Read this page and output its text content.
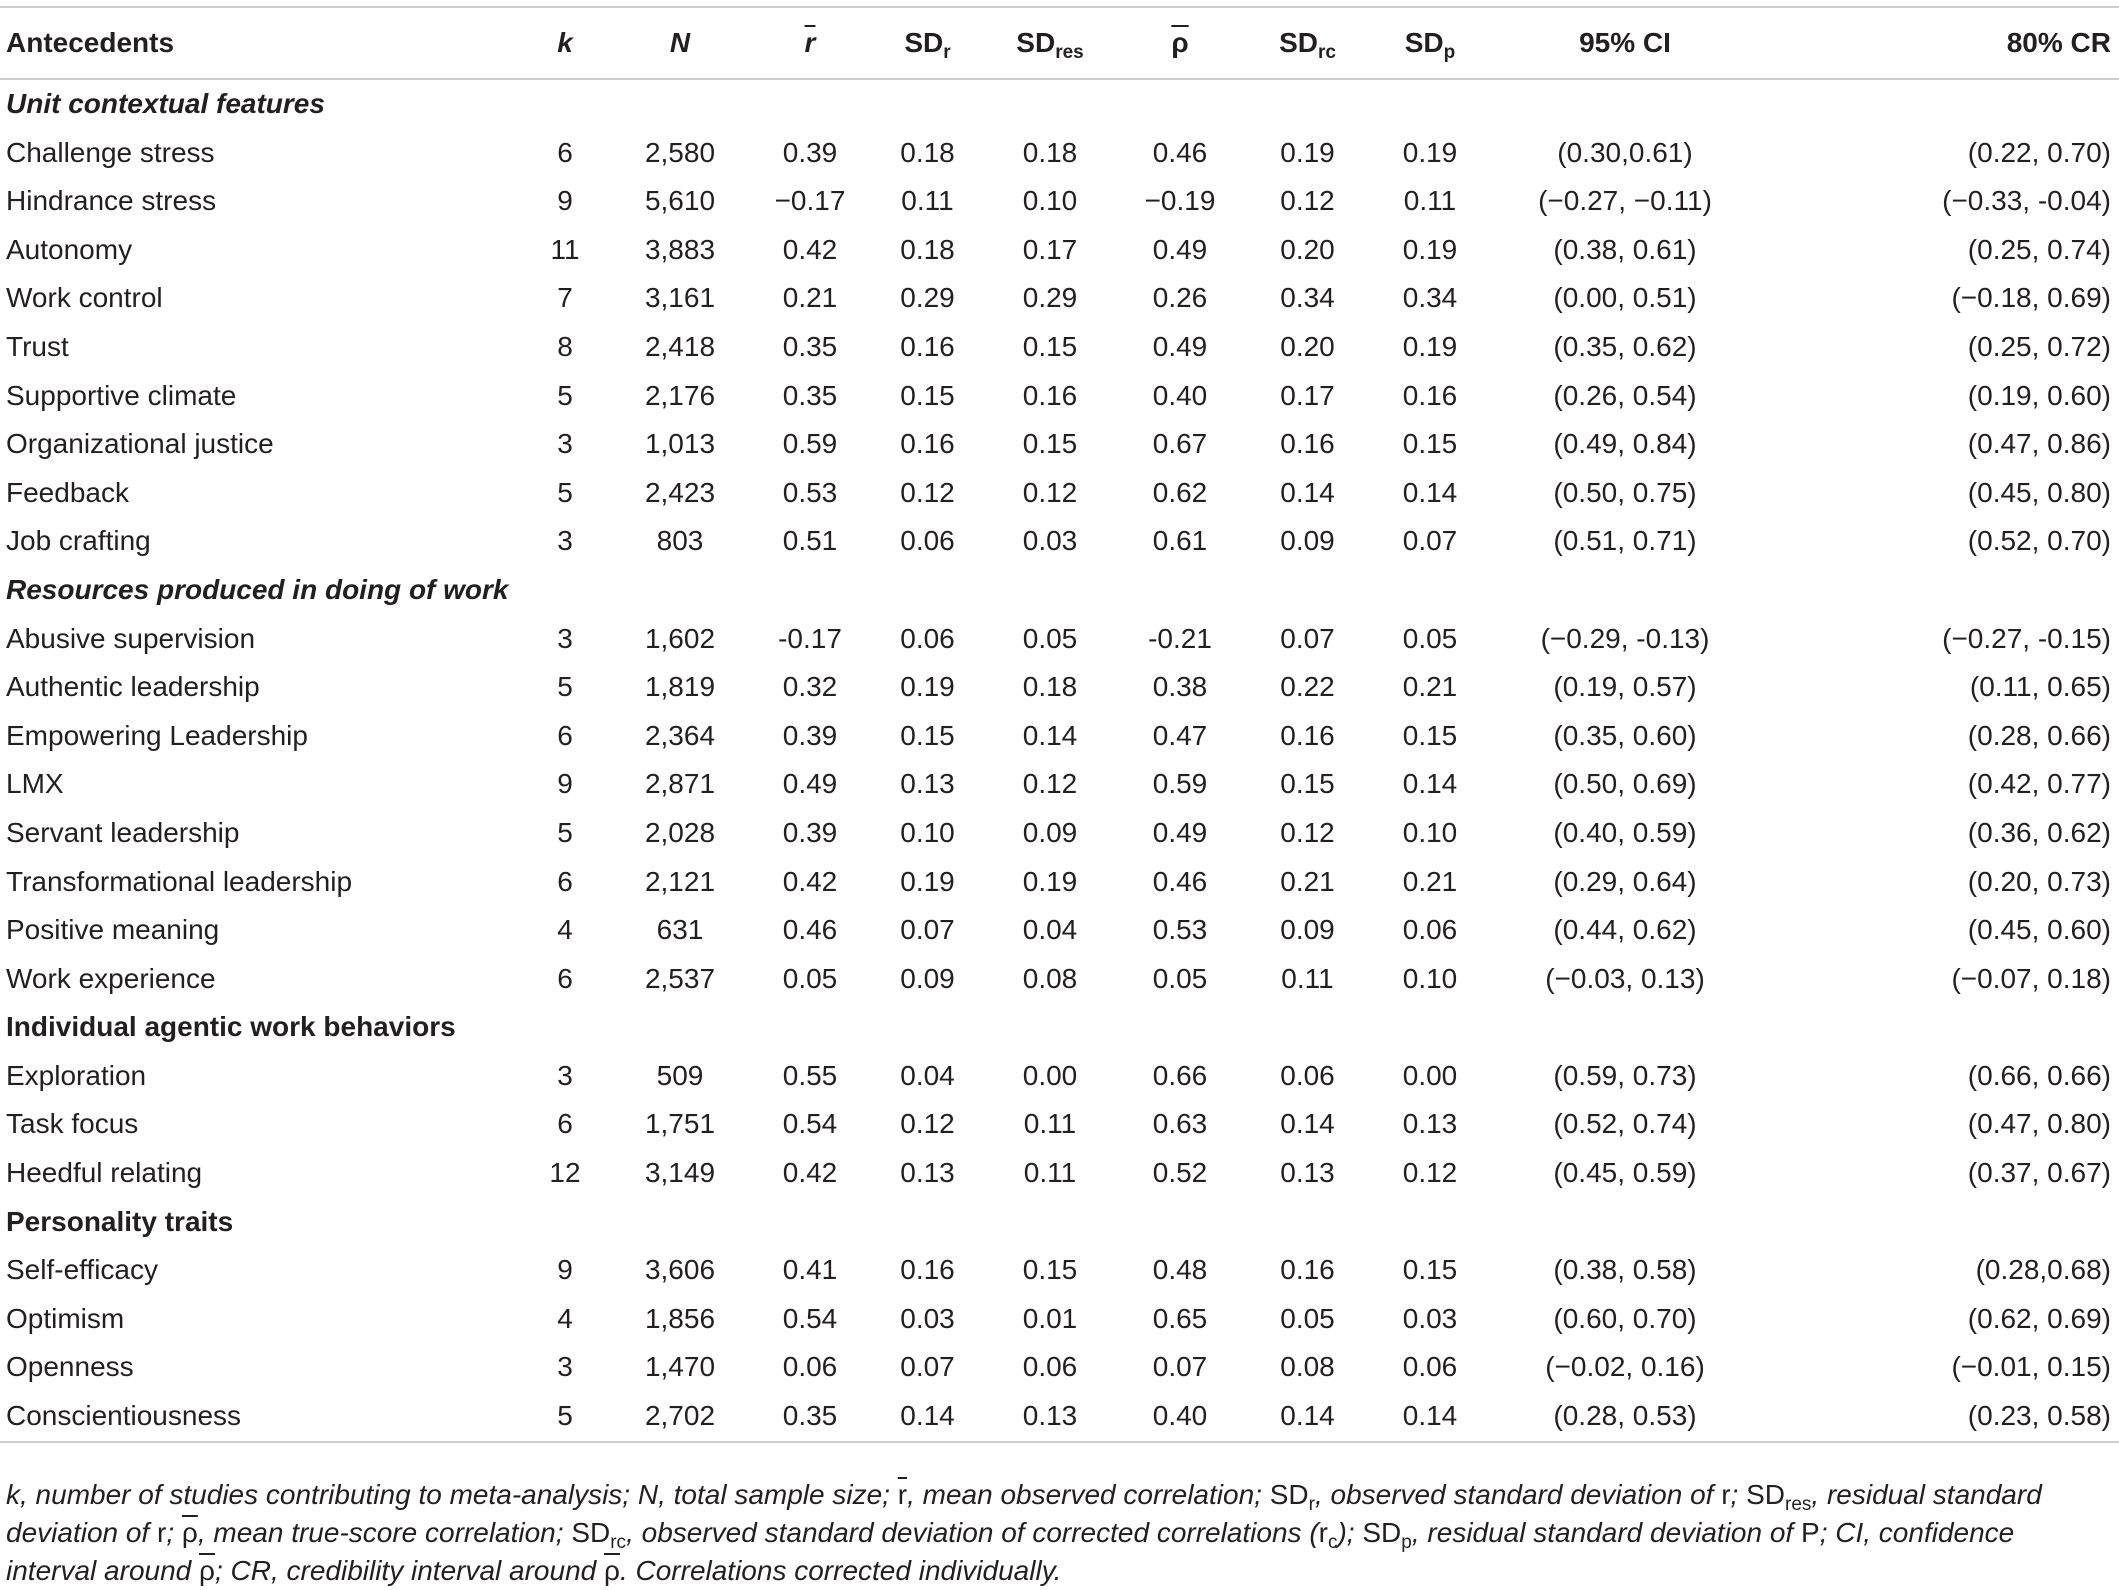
Antecedents	k	N	$\overline{r}$	$SD_r$	$SD_{res}$	$\overline{\rho}$	$SD_{rc}$	$SD_p$	95% CI	80% CR
Unit contextual features										
Challenge stress	6	2,580	0.39	0.18	0.18	0.46	0.19	0.19	(0.30,0.61)	(0.22, 0.70)
Hindrance stress	9	5,610	−0.17	0.11	0.10	−0.19	0.12	0.11	(−0.27, −0.11)	(−0.33, -0.04)
Autonomy	11	3,883	0.42	0.18	0.17	0.49	0.20	0.19	(0.38, 0.61)	(0.25, 0.74)
Work control	7	3,161	0.21	0.29	0.29	0.26	0.34	0.34	(0.00, 0.51)	(−0.18, 0.69)
Trust	8	2,418	0.35	0.16	0.15	0.49	0.20	0.19	(0.35, 0.62)	(0.25, 0.72)
Supportive climate	5	2,176	0.35	0.15	0.16	0.40	0.17	0.16	(0.26, 0.54)	(0.19, 0.60)
Organizational justice	3	1,013	0.59	0.16	0.15	0.67	0.16	0.15	(0.49, 0.84)	(0.47, 0.86)
Feedback	5	2,423	0.53	0.12	0.12	0.62	0.14	0.14	(0.50, 0.75)	(0.45, 0.80)
Job crafting	3	803	0.51	0.06	0.03	0.61	0.09	0.07	(0.51, 0.71)	(0.52, 0.70)
Resources produced in doing of work										
Abusive supervision	3	1,602	-0.17	0.06	0.05	-0.21	0.07	0.05	(−0.29, -0.13)	(−0.27, -0.15)
Authentic leadership	5	1,819	0.32	0.19	0.18	0.38	0.22	0.21	(0.19, 0.57)	(0.11, 0.65)
Empowering Leadership	6	2,364	0.39	0.15	0.14	0.47	0.16	0.15	(0.35, 0.60)	(0.28, 0.66)
LMX	9	2,871	0.49	0.13	0.12	0.59	0.15	0.14	(0.50, 0.69)	(0.42, 0.77)
Servant leadership	5	2,028	0.39	0.10	0.09	0.49	0.12	0.10	(0.40, 0.59)	(0.36, 0.62)
Transformational leadership	6	2,121	0.42	0.19	0.19	0.46	0.21	0.21	(0.29, 0.64)	(0.20, 0.73)
Positive meaning	4	631	0.46	0.07	0.04	0.53	0.09	0.06	(0.44, 0.62)	(0.45, 0.60)
Work experience	6	2,537	0.05	0.09	0.08	0.05	0.11	0.10	(−0.03, 0.13)	(−0.07, 0.18)
Individual agentic work behaviors										
Exploration	3	509	0.55	0.04	0.00	0.66	0.06	0.00	(0.59, 0.73)	(0.66, 0.66)
Task focus	6	1,751	0.54	0.12	0.11	0.63	0.14	0.13	(0.52, 0.74)	(0.47, 0.80)
Heedful relating	12	3,149	0.42	0.13	0.11	0.52	0.13	0.12	(0.45, 0.59)	(0.37, 0.67)
Personality traits										
Self-efficacy	9	3,606	0.41	0.16	0.15	0.48	0.16	0.15	(0.38, 0.58)	(0.28,0.68)
Optimism	4	1,856	0.54	0.03	0.01	0.65	0.05	0.03	(0.60, 0.70)	(0.62, 0.69)
Openness	3	1,470	0.06	0.07	0.06	0.07	0.08	0.06	(−0.02, 0.16)	(−0.01, 0.15)
Conscientiousness	5	2,702	0.35	0.14	0.13	0.40	0.14	0.14	(0.28, 0.53)	(0.23, 0.58)
k, number of studies contributing to meta-analysis; N, total sample size; $\overline{r}$, mean observed correlation; $SD_r$, observed standard deviation of r; $SD_{res}$, residual standard deviation of r; $\overline{\rho}$, mean true-score correlation; $SD_{rc}$, observed standard deviation of corrected correlations $(r_c)$; $SD_p$, residual standard deviation of P; CI, confidence interval around $\overline{\rho}$; CR, credibility interval around $\overline{\rho}$. Correlations corrected individually.
